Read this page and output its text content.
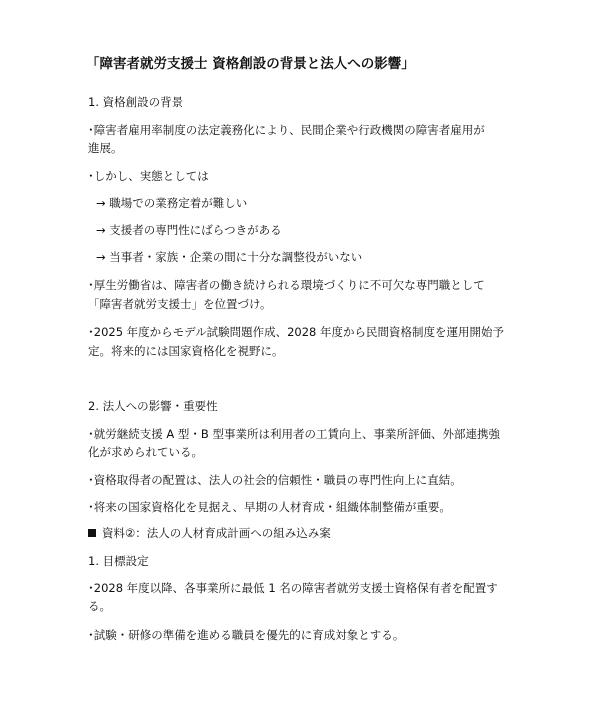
「障害者就労支援士 資格創設の背景と法人への影響」
1. 資格創設の背景
･障害者雇用率制度の法定義務化により、民間企業や行政機関の障害者雇用が
進展。
･しかし、実態としては
→ 職場での業務定着が難しい
→ 支援者の専門性にばらつきがある
→ 当事者・家族・企業の間に十分な調整役がいない
･厚生労働省は、障害者の働き続けられる環境づくりに不可欠な専門職として
「障害者就労支援士」を位置づけ。
･2025 年度からモデル試験問題作成、2028 年度から民間資格制度を運用開始予
定。将来的には国家資格化を視野に。
2. 法人への影響・重要性
･就労継続支援 A 型・B 型事業所は利用者の工賃向上、事業所評価、外部連携強
化が求められている。
･資格取得者の配置は、法人の社会的信頼性・職員の専門性向上に直結。
･将来の国家資格化を見据え、早期の人材育成・組織体制整備が重要。
資料②：法人の人材育成計画への組み込み案
1. 目標設定
･2028 年度以降、各事業所に最低 1 名の障害者就労支援士資格保有者を配置す
る。
･試験・研修の準備を進める職員を優先的に育成対象とする。
